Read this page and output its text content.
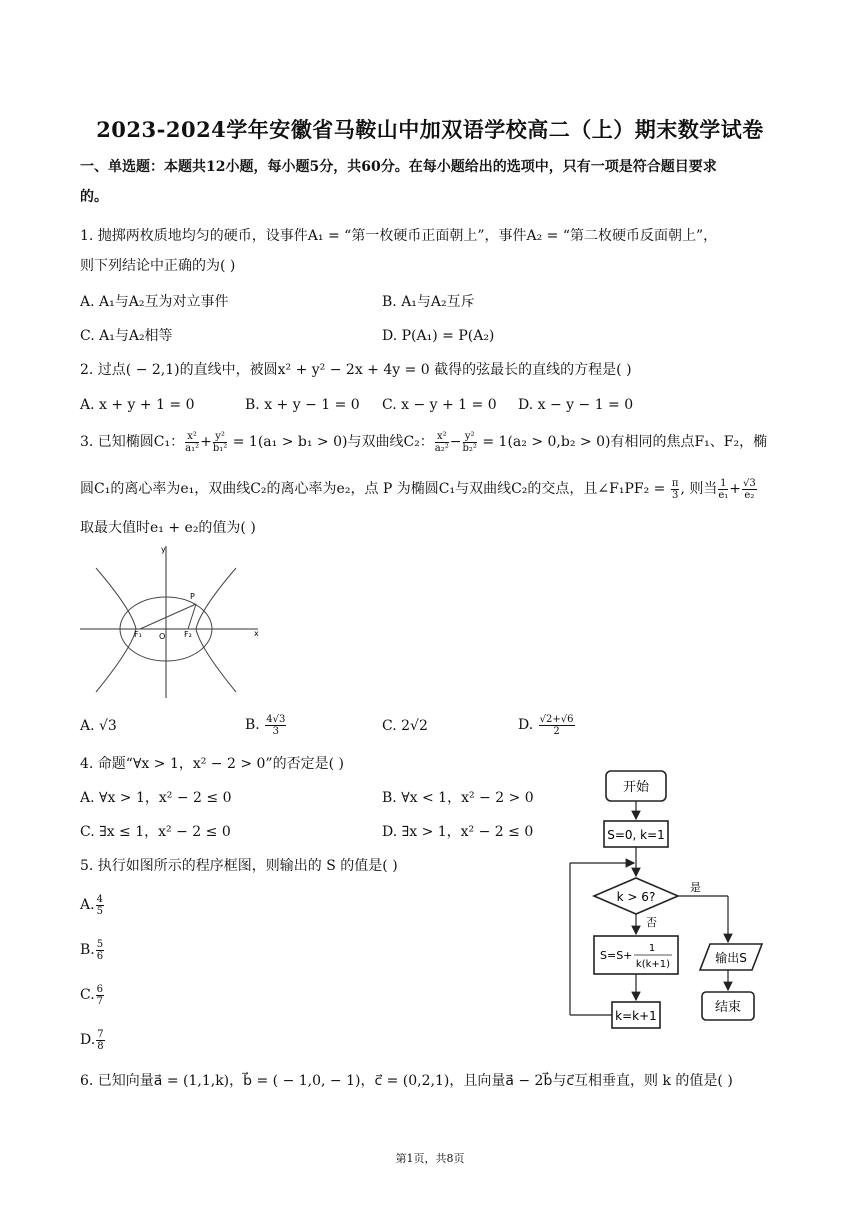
2023-2024学年安徽省马鞍山中加双语学校高二（上）期末数学试卷
一、单选题：本题共12小题，每小题5分，共60分。在每小题给出的选项中，只有一项是符合题目要求
的。
1. 抛掷两枚质地均匀的硬币，设事件A₁ = “第一枚硬币正面朝上”，事件A₂ = “第二枚硬币反面朝上”，
则下列结论中正确的为( )
A. A₁与A₂互为对立事件	B. A₁与A₂互斥
C. A₁与A₂相等	D. P(A₁) = P(A₂)
2. 过点( − 2,1)的直线中，被圆x² + y² − 2x + 4y = 0 截得的弦最长的直线的方程是( )
A. x + y + 1 = 0	B. x + y − 1 = 0 C. x − y + 1 = 0 D. x − y − 1 = 0
3. 已知椭圆C₁： $\frac{\text{x²}}{\text{a₁²}} + \frac{\text{y²}}{\text{b₁²}} = 1(a_1 > b_1 > 0)$与双曲线C₂： $\frac{\text{x²}}{\text{a₂²}} - \frac{\text{y²}}{\text{b₂²}} = 1(a_2 > 0,b_2 > 0)$有相同的焦点F₁、F₂，椭
圆C₁的离心率为e₁，双曲线C₂的离心率为e₂，点 P 为椭圆C₁与双曲线C₂的交点，且∠F₁PF₂ = $\frac{\pi}{3}$ , 则当 $\frac{1}{\text{e₁}} + \frac{√3}{\text{e₂}}$
取最大值时e₁ + e₂的值为( )
y
x
P
F₁ O F₂
A. √3	B. $\frac{4√3}{3}$	C. 2√2	D. $\frac{√2+√6}{2}$
4. 命题“∀x > 1，x² − 2 > 0”的否定是( )
A. ∀x > 1，x² − 2 ≤ 0	B. ∀x < 1，x² − 2 > 0
C. ∃x ≤ 1，x² − 2 ≤ 0	D. ∃x > 1，x² − 2 ≤ 0
5. 执行如图所示的程序框图，则输出的 S 的值是( )
A. $\frac{4}{5}$
B. $\frac{5}{6}$
C. $\frac{6}{7}$
D. $\frac{7}{8}$
开始
S=0, k=1
k > 6?
是
否
S=S+
1
k(k+1)
k=k+1
输出S
结束
6. 已知向量a⃗ = (1,1,k)，b⃗ = ( − 1,0, − 1)，c⃗ = (0,2,1)，且向量a⃗ − 2b⃗与c⃗互相垂直，则 k 的值是( )
第1页，共8页
